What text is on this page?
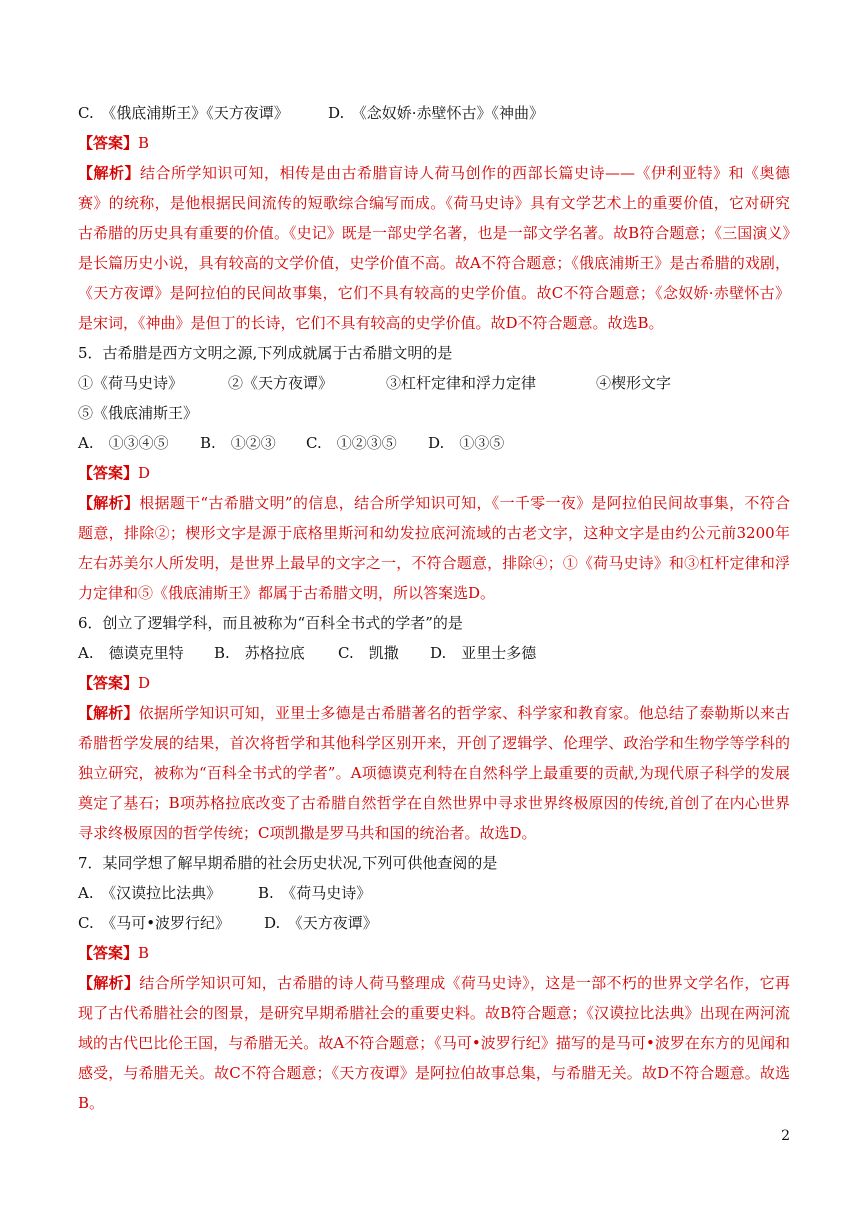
C.　《俄底浦斯王》《天方夜谭》	D.　《念奴娇·赤壁怀古》《神曲》

【答案】B

【解析】结合所学知识可知，相传是由古希腊盲诗人荷马创作的西部长篇史诗——《伊利亚特》和《奥德赛》的统称，是他根据民间流传的短歌综合编写而成。《荷马史诗》具有文学艺术上的重要价值，它对研究古希腊的历史具有重要的价值。《史记》既是一部史学名著，也是一部文学名著。故B符合题意；《三国演义》是长篇历史小说，具有较高的文学价值，史学价值不高。故A不符合题意；《俄底浦斯王》是古希腊的戏剧，《天方夜谭》是阿拉伯的民间故事集，它们不具有较高的史学价值。故C不符合题意；《念奴娇·赤壁怀古》是宋词，《神曲》是但丁的长诗，它们不具有较高的史学价值。故D不符合题意。故选B。

5．古希腊是西方文明之源,下列成就属于古希腊文明的是

①《荷马史诗》	②《天方夜谭》	③杠杆定律和浮力定律	④楔形文字

⑤《俄底浦斯王》

A.　①③④⑤	B.　①②③	C.　①②③⑤	D.　①③⑤

【答案】D

【解析】根据题干“古希腊文明”的信息，结合所学知识可知，《一千零一夜》是阿拉伯民间故事集，不符合题意，排除②；楔形文字是源于底格里斯河和幼发拉底河流域的古老文字，这种文字是由约公元前3200年左右苏美尔人所发明，是世界上最早的文字之一，不符合题意，排除④；①《荷马史诗》和③杠杆定律和浮力定律和⑤《俄底浦斯王》都属于古希腊文明，所以答案选D。

6．创立了逻辑学科，而且被称为“百科全书式的学者”的是

A.　德谟克里特	B.　苏格拉底	C.　凯撒	D.　亚里士多德

【答案】D

【解析】依据所学知识可知，亚里士多德是古希腊著名的哲学家、科学家和教育家。他总结了泰勒斯以来古希腊哲学发展的结果，首次将哲学和其他科学区别开来，开创了逻辑学、伦理学、政治学和生物学等学科的独立研究，被称为“百科全书式的学者”。A项德谟克利特在自然科学上最重要的贡献,为现代原子科学的发展奠定了基石；B项苏格拉底改变了古希腊自然哲学在自然世界中寻求世界终极原因的传统,首创了在内心世界寻求终极原因的哲学传统；C项凯撒是罗马共和国的统治者。故选D。

7．某同学想了解早期希腊的社会历史状况,下列可供他查阅的是

A.　《汉谟拉比法典》	B.　《荷马史诗》
C.　《马可•波罗行纪》	D.　《天方夜谭》

【答案】B

【解析】结合所学知识可知，古希腊的诗人荷马整理成《荷马史诗》，这是一部不朽的世界文学名作，它再现了古代希腊社会的图景，是研究早期希腊社会的重要史料。故B符合题意；《汉谟拉比法典》出现在两河流域的古代巴比伦王国，与希腊无关。故A不符合题意；《马可•波罗行纪》描写的是马可•波罗在东方的见闻和感受，与希腊无关。故C不符合题意；《天方夜谭》是阿拉伯故事总集，与希腊无关。故D不符合题意。故选B。

2
